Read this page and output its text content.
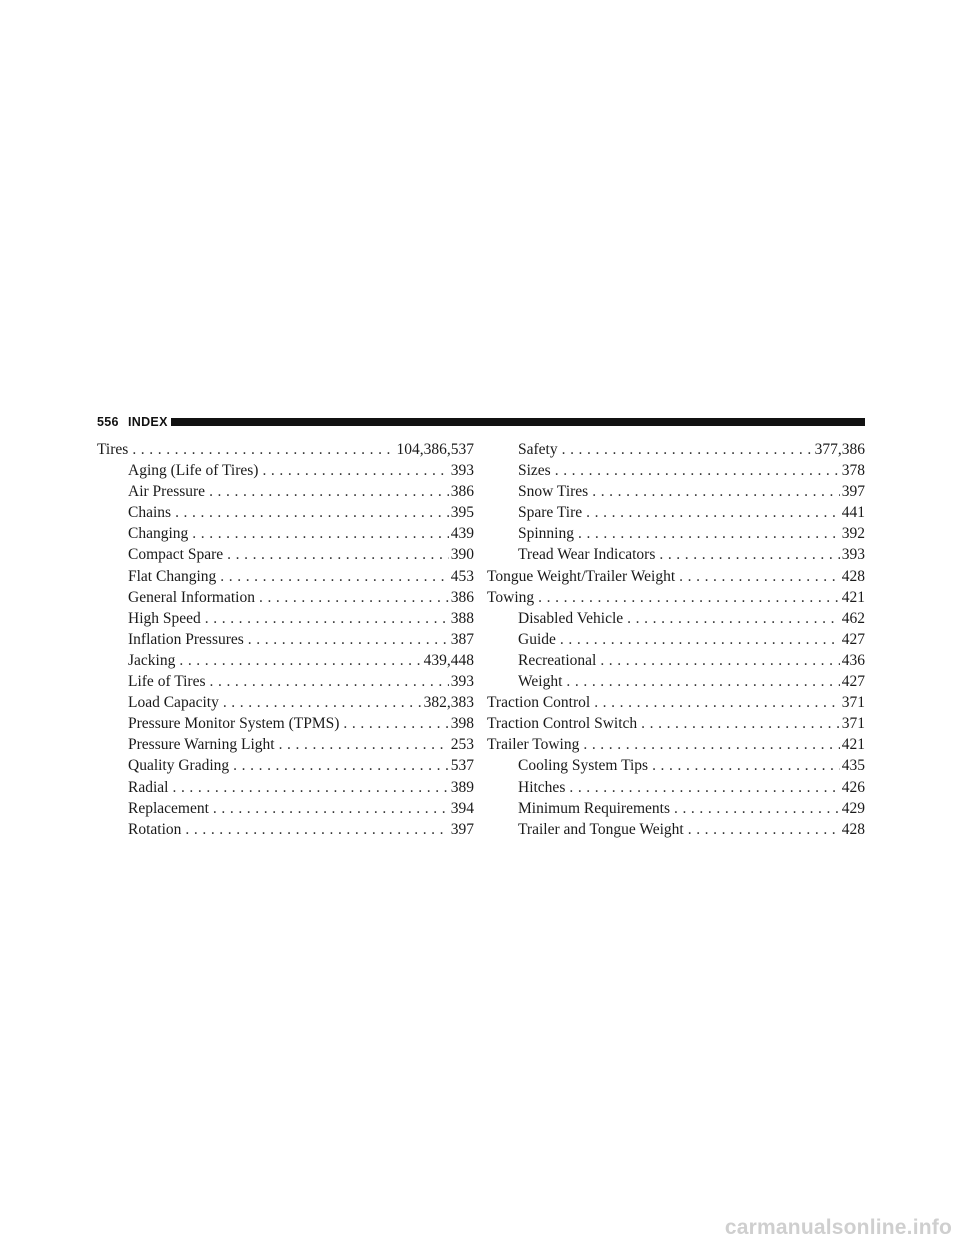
556 INDEX
Tires .....	104,386,537
Aging (Life of Tires) .....	393
Air Pressure .....	386
Chains .....	395
Changing .....	439
Compact Spare .....	390
Flat Changing .....	453
General Information .....	386
High Speed .....	388
Inflation Pressures .....	387
Jacking .....	439,448
Life of Tires .....	393
Load Capacity .....	382,383
Pressure Monitor System (TPMS) .....	398
Pressure Warning Light .....	253
Quality Grading .....	537
Radial .....	389
Replacement .....	394
Rotation .....	397
Safety .....	377,386
Sizes .....	378
Snow Tires .....	397
Spare Tire .....	441
Spinning .....	392
Tread Wear Indicators .....	393
Tongue Weight/Trailer Weight .....	428
Towing .....	421
Disabled Vehicle .....	462
Guide .....	427
Recreational .....	436
Weight .....	427
Traction Control .....	371
Traction Control Switch .....	371
Trailer Towing .....	421
Cooling System Tips .....	435
Hitches .....	426
Minimum Requirements .....	429
Trailer and Tongue Weight .....	428
carmanualsonline.info
